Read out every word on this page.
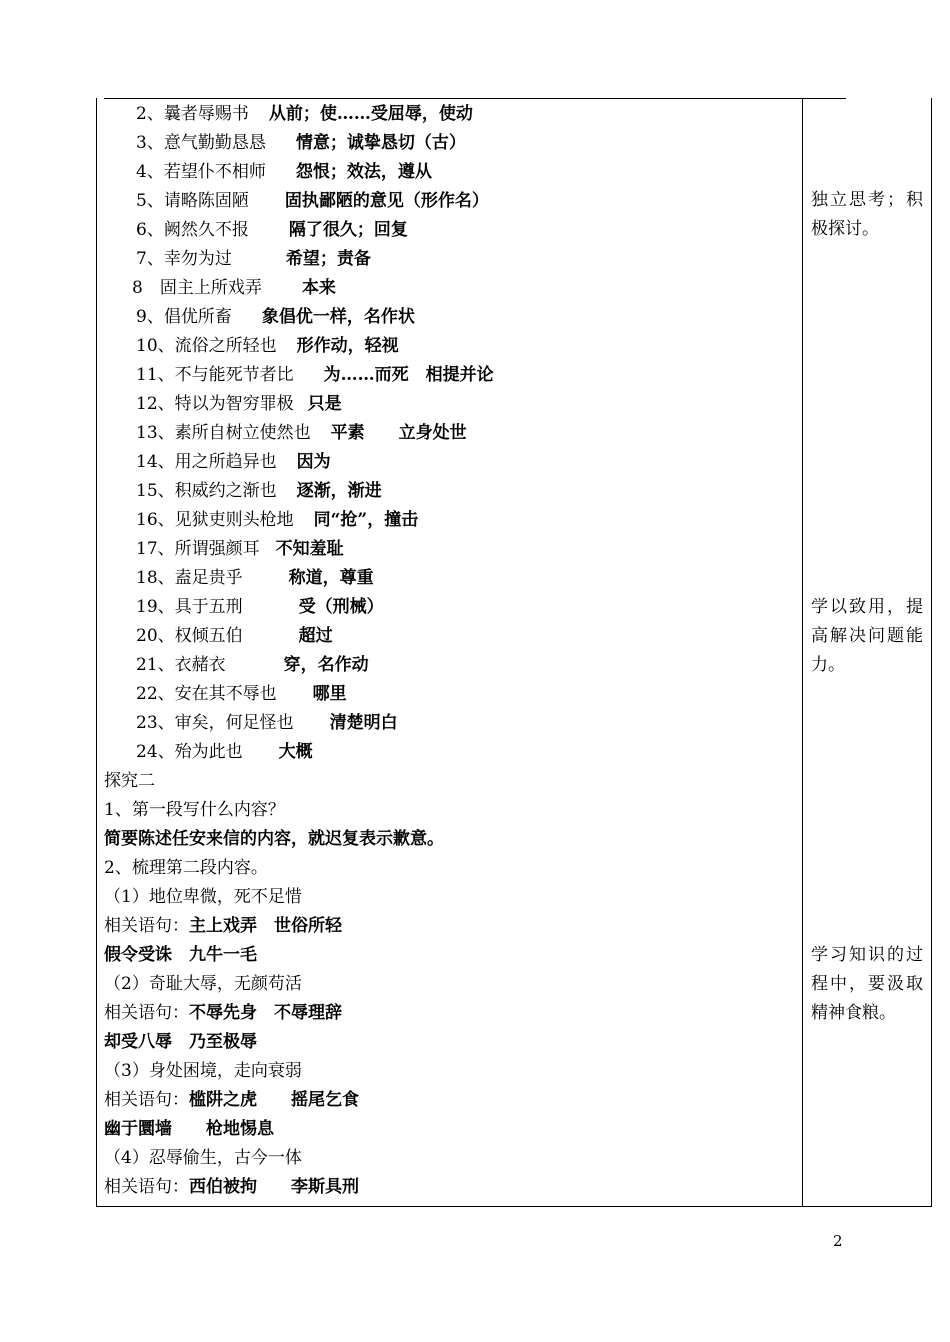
2、曩者辱赐书 从前；使……受屈辱，使动
3、意气勤勤恳恳 情意；诚挚恳切（古）
4、若望仆不相师 怨恨；效法，遵从
5、请略陈固陋 固执鄙陋的意见（形作名）
6、阙然久不报 隔了很久；回复
7、幸勿为过	希望；责备
8　固主上所戏弄 本来
9、倡优所畜 象倡优一样，名作状
10、流俗之所轻也 形作动，轻视
11、不与能死节者比 为……而死　相提并论
12、特以为智穷罪极 只是
13、素所自树立使然也 平素　　立身处世
14、用之所趋异也 因为
15、积威约之渐也 逐渐，渐进
16、见狱吏则头枪地 同“抢”，撞击
17、所谓强颜耳 不知羞耻
18、盍足贵乎	称道，尊重
19、具于五刑	受（刑械）
20、权倾五伯	超过
21、衣赭衣	穿，名作动
22、安在其不辱也 哪里
23、审矣，何足怪也 清楚明白
24、殆为此也 大概
探究二
1、第一段写什么内容？
简要陈述任安来信的内容，就迟复表示歉意。
2、梳理第二段内容。
（1）地位卑微，死不足惜
相关语句：主上戏弄　世俗所轻
假令受诛　九牛一毛
（2）奇耻大辱，无颜苟活
相关语句：不辱先身　不辱理辞
却受八辱　乃至极辱
（3）身处困境，走向衰弱
相关语句：槛阱之虎　　摇尾乞食
幽于圜墙　　枪地惕息
（4）忍辱偷生，古今一体
相关语句：西伯被拘　　李斯具刑
独立思考；积极探讨。
学以致用，提高解决问题能力。
学习知识的过程中，要汲取精神食粮。
2
